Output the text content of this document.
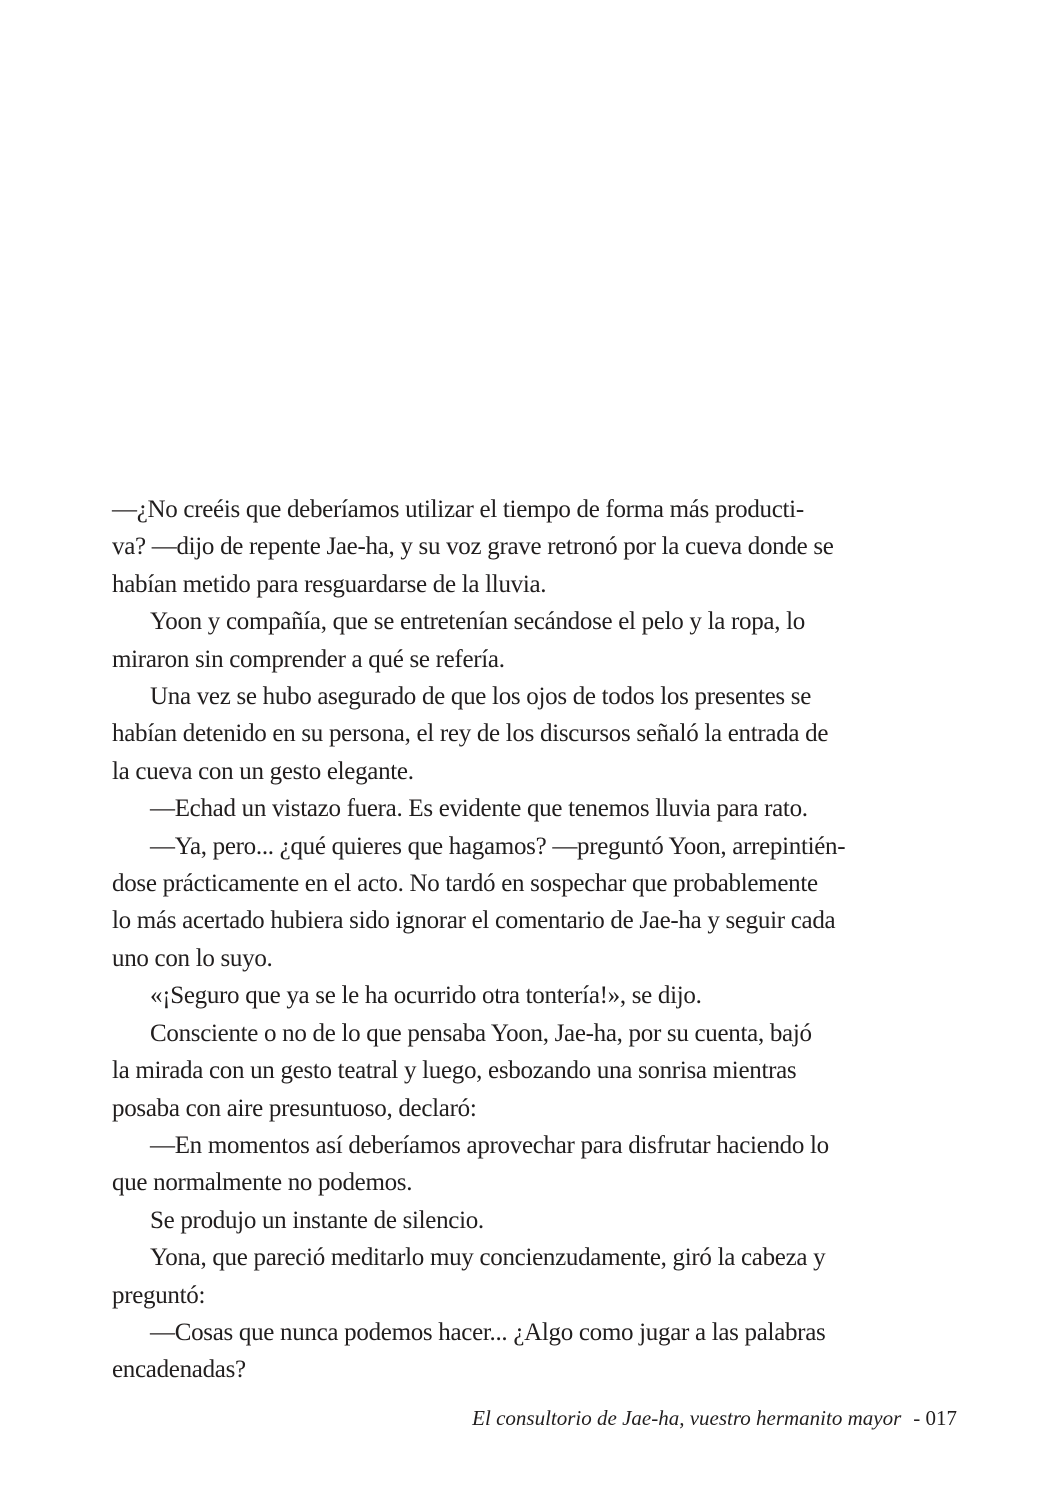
—¿No creéis que deberíamos utilizar el tiempo de forma más producti-
va? —dijo de repente Jae-ha, y su voz grave retronó por la cueva donde se
habían metido para resguardarse de la lluvia.

Yoon y compañía, que se entretenían secándose el pelo y la ropa, lo
miraron sin comprender a qué se refería.

Una vez se hubo asegurado de que los ojos de todos los presentes se
habían detenido en su persona, el rey de los discursos señaló la entrada de
la cueva con un gesto elegante.

—Echad un vistazo fuera. Es evidente que tenemos lluvia para rato.

—Ya, pero... ¿qué quieres que hagamos? —preguntó Yoon, arrepintién-
dose prácticamente en el acto. No tardó en sospechar que probablemente
lo más acertado hubiera sido ignorar el comentario de Jae-ha y seguir cada
uno con lo suyo.

«¡Seguro que ya se le ha ocurrido otra tontería!», se dijo.

Consciente o no de lo que pensaba Yoon, Jae-ha, por su cuenta, bajó
la mirada con un gesto teatral y luego, esbozando una sonrisa mientras
posaba con aire presuntuoso, declaró:

—En momentos así deberíamos aprovechar para disfrutar haciendo lo
que normalmente no podemos.

Se produjo un instante de silencio.

Yona, que pareció meditarlo muy concienzudamente, giró la cabeza y
preguntó:

—Cosas que nunca podemos hacer... ¿Algo como jugar a las palabras
encadenadas?

El consultorio de Jae-ha, vuestro hermanito mayor - 017
